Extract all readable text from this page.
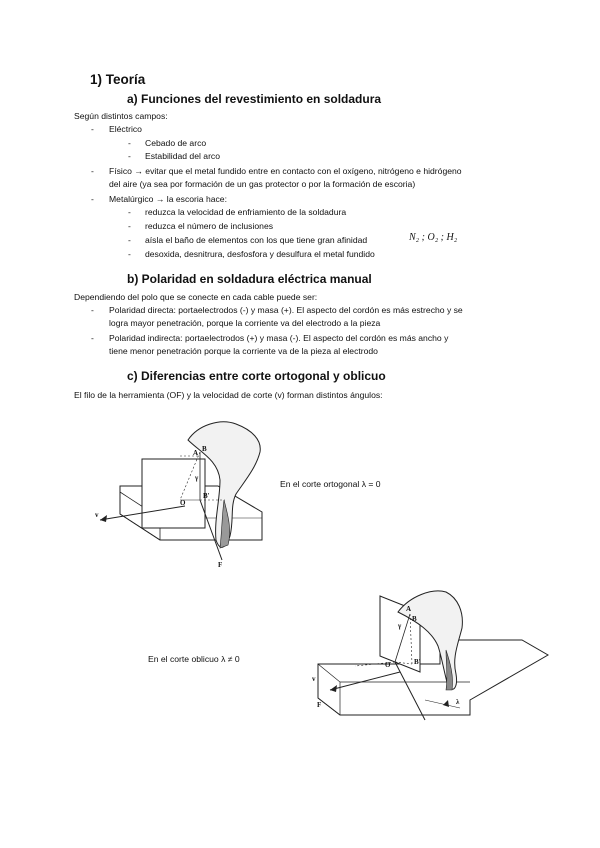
1) Teoría
a) Funciones del revestimiento en soldadura
Según distintos campos:
- Eléctrico
- Cebado de arco
- Estabilidad del arco
- Físico → evitar que el metal fundido entre en contacto con el oxígeno, nitrógeno e hidrógeno
del aire (ya sea por formación de un gas protector o por la formación de escoria)
- Metalúrgico → la escoria hace:
- reduzca la velocidad de enfriamiento de la soldadura
- reduzca el número de inclusiones
- aísla el baño de elementos con los que tiene gran afinidad	N₂ ; O₂ ; H₂
- desoxida, desnitrura, desfosfora y desulfura el metal fundido
b) Polaridad en soldadura eléctrica manual
Dependiendo del polo que se conecte en cada cable puede ser:
- Polaridad directa: portaelectrodos (-) y masa (+). El aspecto del cordón es más estrecho y se
logra mayor penetración, porque la corriente va del electrodo a la pieza
- Polaridad indirecta: portaelectrodos (+) y masa (-). El aspecto del cordón es más ancho y
tiene menor penetración porque la corriente va de la pieza al electrodo
c) Diferencias entre corte ortogonal y oblicuo
El filo de la herramienta (OF) y la velocidad de corte (v) forman distintos ángulos:
A B
B'
O
v
γ
F
En el corte ortogonal λ = 0
A
B
B'
O
v
F	λ
γ
En el corte oblicuo λ ≠ 0
